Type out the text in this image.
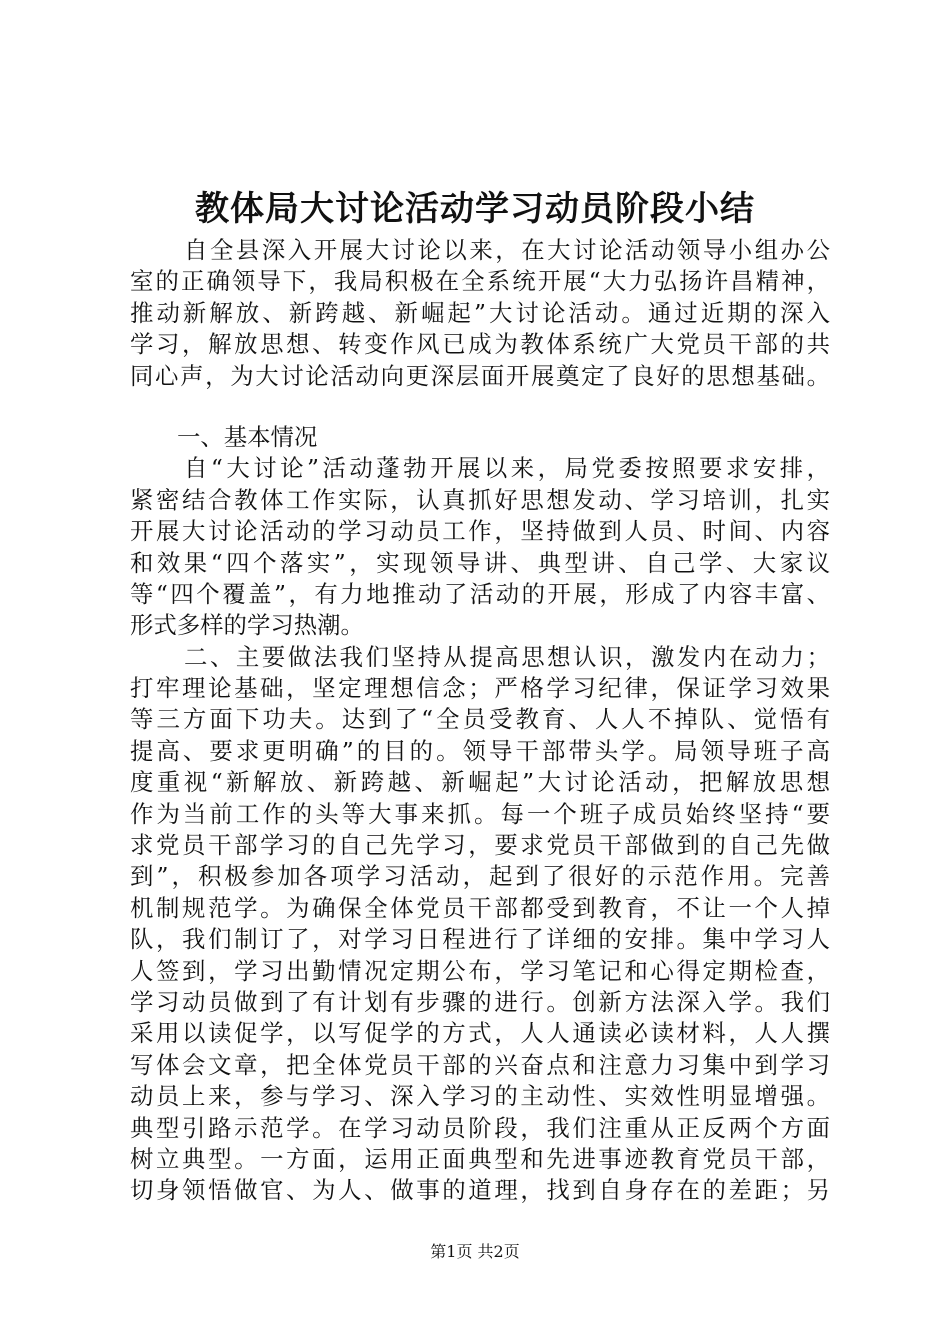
教体局大讨论活动学习动员阶段小结
自全县深入开展大讨论以来，在大讨论活动领导小组办公
室的正确领导下，我局积极在全系统开展“大力弘扬许昌精神，
推动新解放、新跨越、新崛起”大讨论活动。通过近期的深入
学习，解放思想、转变作风已成为教体系统广大党员干部的共
同心声，为大讨论活动向更深层面开展奠定了良好的思想基础。
一、基本情况
自“大讨论”活动蓬勃开展以来，局党委按照要求安排，
紧密结合教体工作实际，认真抓好思想发动、学习培训，扎实
开展大讨论活动的学习动员工作，坚持做到人员、时间、内容
和效果“四个落实”，实现领导讲、典型讲、自己学、大家议
等“四个覆盖”，有力地推动了活动的开展，形成了内容丰富、
形式多样的学习热潮。
二、主要做法我们坚持从提高思想认识，激发内在动力；
打牢理论基础，坚定理想信念；严格学习纪律，保证学习效果
等三方面下功夫。达到了“全员受教育、人人不掉队、觉悟有
提高、要求更明确”的目的。领导干部带头学。局领导班子高
度重视“新解放、新跨越、新崛起”大讨论活动，把解放思想
作为当前工作的头等大事来抓。每一个班子成员始终坚持“要
求党员干部学习的自己先学习，要求党员干部做到的自己先做
到”，积极参加各项学习活动，起到了很好的示范作用。完善
机制规范学。为确保全体党员干部都受到教育，不让一个人掉
队，我们制订了，对学习日程进行了详细的安排。集中学习人
人签到，学习出勤情况定期公布，学习笔记和心得定期检查，
学习动员做到了有计划有步骤的进行。创新方法深入学。我们
采用以读促学，以写促学的方式，人人通读必读材料，人人撰
写体会文章，把全体党员干部的兴奋点和注意力习集中到学习
动员上来，参与学习、深入学习的主动性、实效性明显增强。
典型引路示范学。在学习动员阶段，我们注重从正反两个方面
树立典型。一方面，运用正面典型和先进事迹教育党员干部，
切身领悟做官、为人、做事的道理，找到自身存在的差距；另
第1页 共2页
